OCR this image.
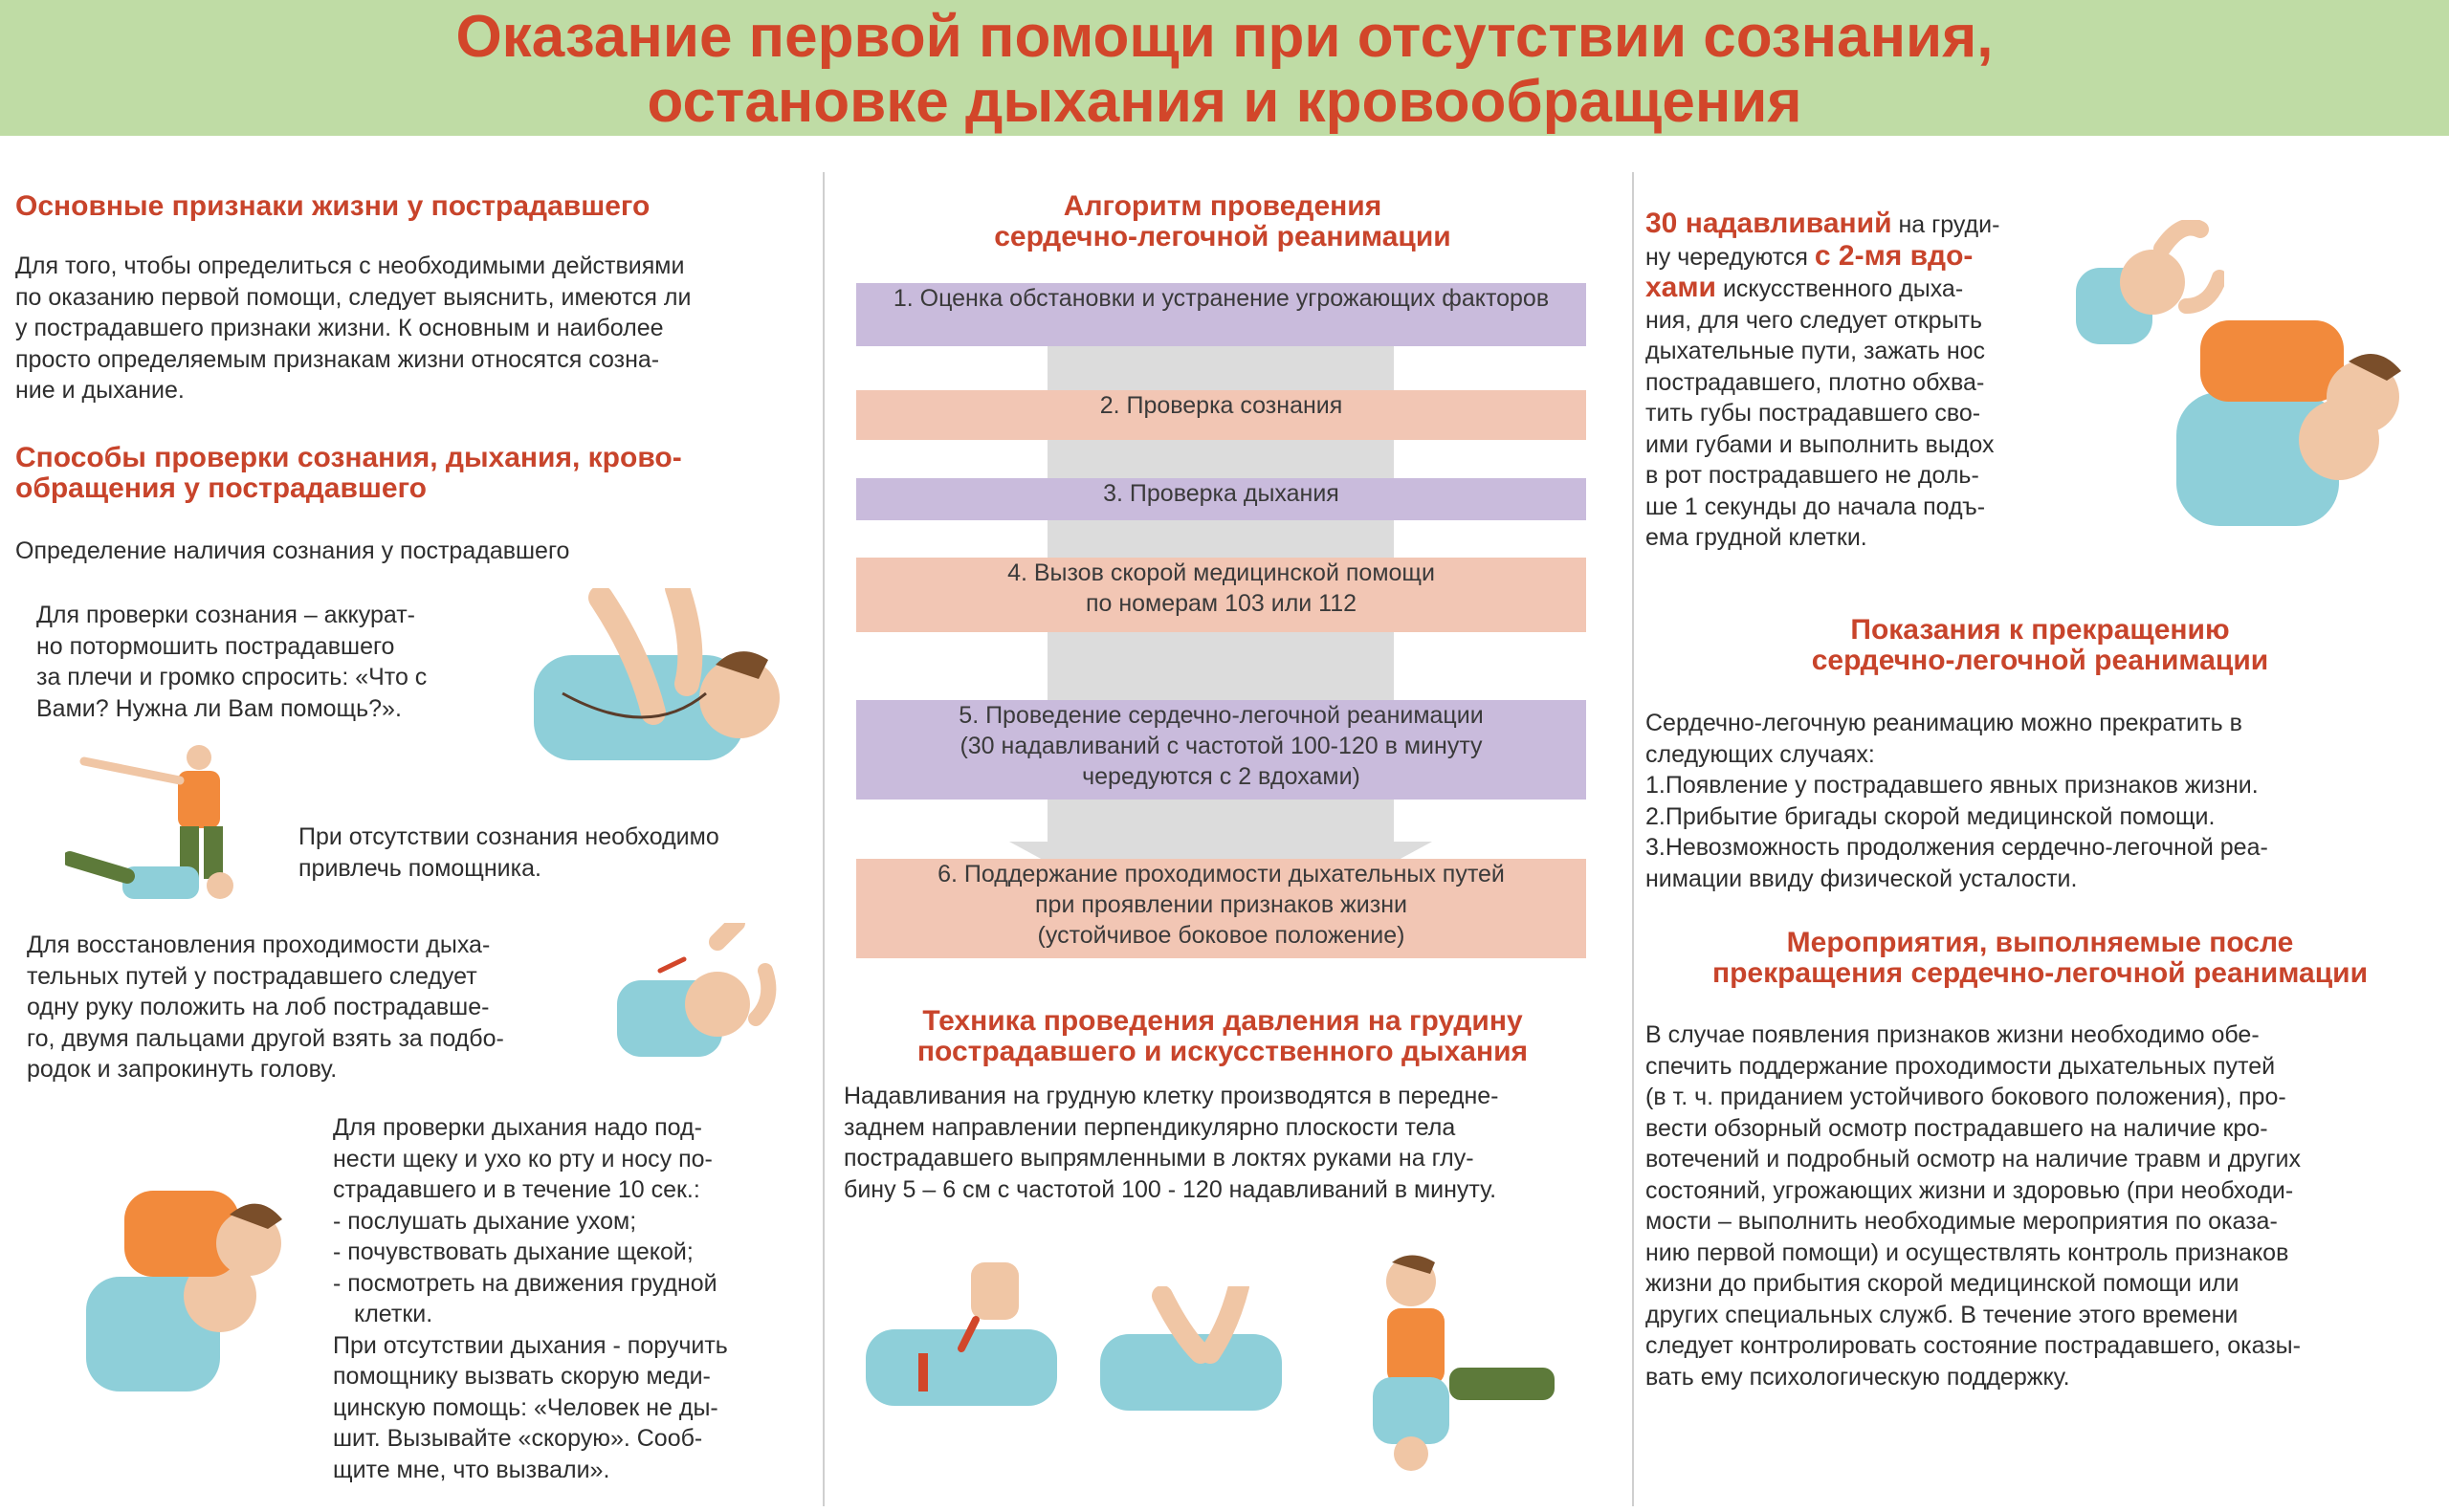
Оказание первой помощи при отсутствии сознания,
остановке дыхания и кровообращения
Основные признаки жизни у пострадавшего
Для того, чтобы определиться с необходимыми действиями
по оказанию первой помощи, следует выяснить, имеются ли
у пострадавшего признаки жизни. К основным и наиболее
просто определяемым признакам жизни относятся созна-
ние и дыхание.
Способы проверки сознания, дыхания, крово-
обращения у пострадавшего
Определение наличия сознания у пострадавшего
Для проверки сознания – аккурат-
но потормошить пострадавшего
за плечи и громко спросить: «Что с
Вами? Нужна ли Вам помощь?».
При отсутствии сознания необходимо
привлечь помощника.
Для восстановления проходимости дыха-
тельных путей у пострадавшего следует
одну руку положить на лоб пострадавше-
го, двумя пальцами другой взять за подбо-
родок и запрокинуть голову.
Для проверки дыхания надо под-
нести щеку и ухо ко рту и носу по-
страдавшего и в течение 10 сек.:
- послушать дыхание ухом;
- почувствовать дыхание щекой;
- посмотреть на движения грудной
клетки.
При отсутствии дыхания - поручить
помощнику вызвать скорую меди-
цинскую помощь: «Человек не ды-
шит. Вызывайте «скорую». Сооб-
щите мне, что вызвали».
Алгоритм проведения
сердечно-легочной реанимации
1. Оценка обстановки и устранение угрожающих факторов
2. Проверка сознания
3. Проверка дыхания
4. Вызов скорой медицинской помощи
по номерам 103 или 112
5. Проведение сердечно-легочной реанимации
(30 надавливаний с частотой 100-120 в минуту
чередуются с 2 вдохами)
6. Поддержание проходимости дыхательных путей
при проявлении признаков жизни
(устойчивое боковое положение)
Техника проведения давления на грудину
пострадавшего и искусственного дыхания
Надавливания на грудную клетку производятся в передне-
заднем направлении перпендикулярно плоскости тела
пострадавшего выпрямленными в локтях руками на глу-
бину 5 – 6 см с частотой 100 - 120 надавливаний в минуту.
30 надавливаний на груди-
ну чередуются с 2-мя вдо-
хами искусственного дыха-
ния, для чего следует открыть
дыхательные пути, зажать нос
пострадавшего, плотно обхва-
тить губы пострадавшего сво-
ими губами и выполнить выдох
в рот пострадавшего не доль-
ше 1 секунды до начала подъ-
ема грудной клетки.
Показания к прекращению
сердечно-легочной реанимации
Сердечно-легочную реанимацию можно прекратить в
следующих случаях:
1.Появление у пострадавшего явных признаков жизни.
2.Прибытие бригады скорой медицинской помощи.
3.Невозможность продолжения сердечно-легочной реа-
нимации ввиду физической усталости.
Мероприятия, выполняемые после
прекращения сердечно-легочной реанимации
В случае появления признаков жизни необходимо обе-
спечить поддержание проходимости дыхательных путей
(в т. ч. приданием устойчивого бокового положения), про-
вести обзорный осмотр пострадавшего на наличие кро-
вотечений и подробный осмотр на наличие травм и других
состояний, угрожающих жизни и здоровью (при необходи-
мости – выполнить необходимые мероприятия по оказа-
нию первой помощи) и осуществлять контроль признаков
жизни до прибытия скорой медицинской помощи или
других специальных служб. В течение этого времени
следует контролировать состояние пострадавшего, оказы-
вать ему психологическую поддержку.
